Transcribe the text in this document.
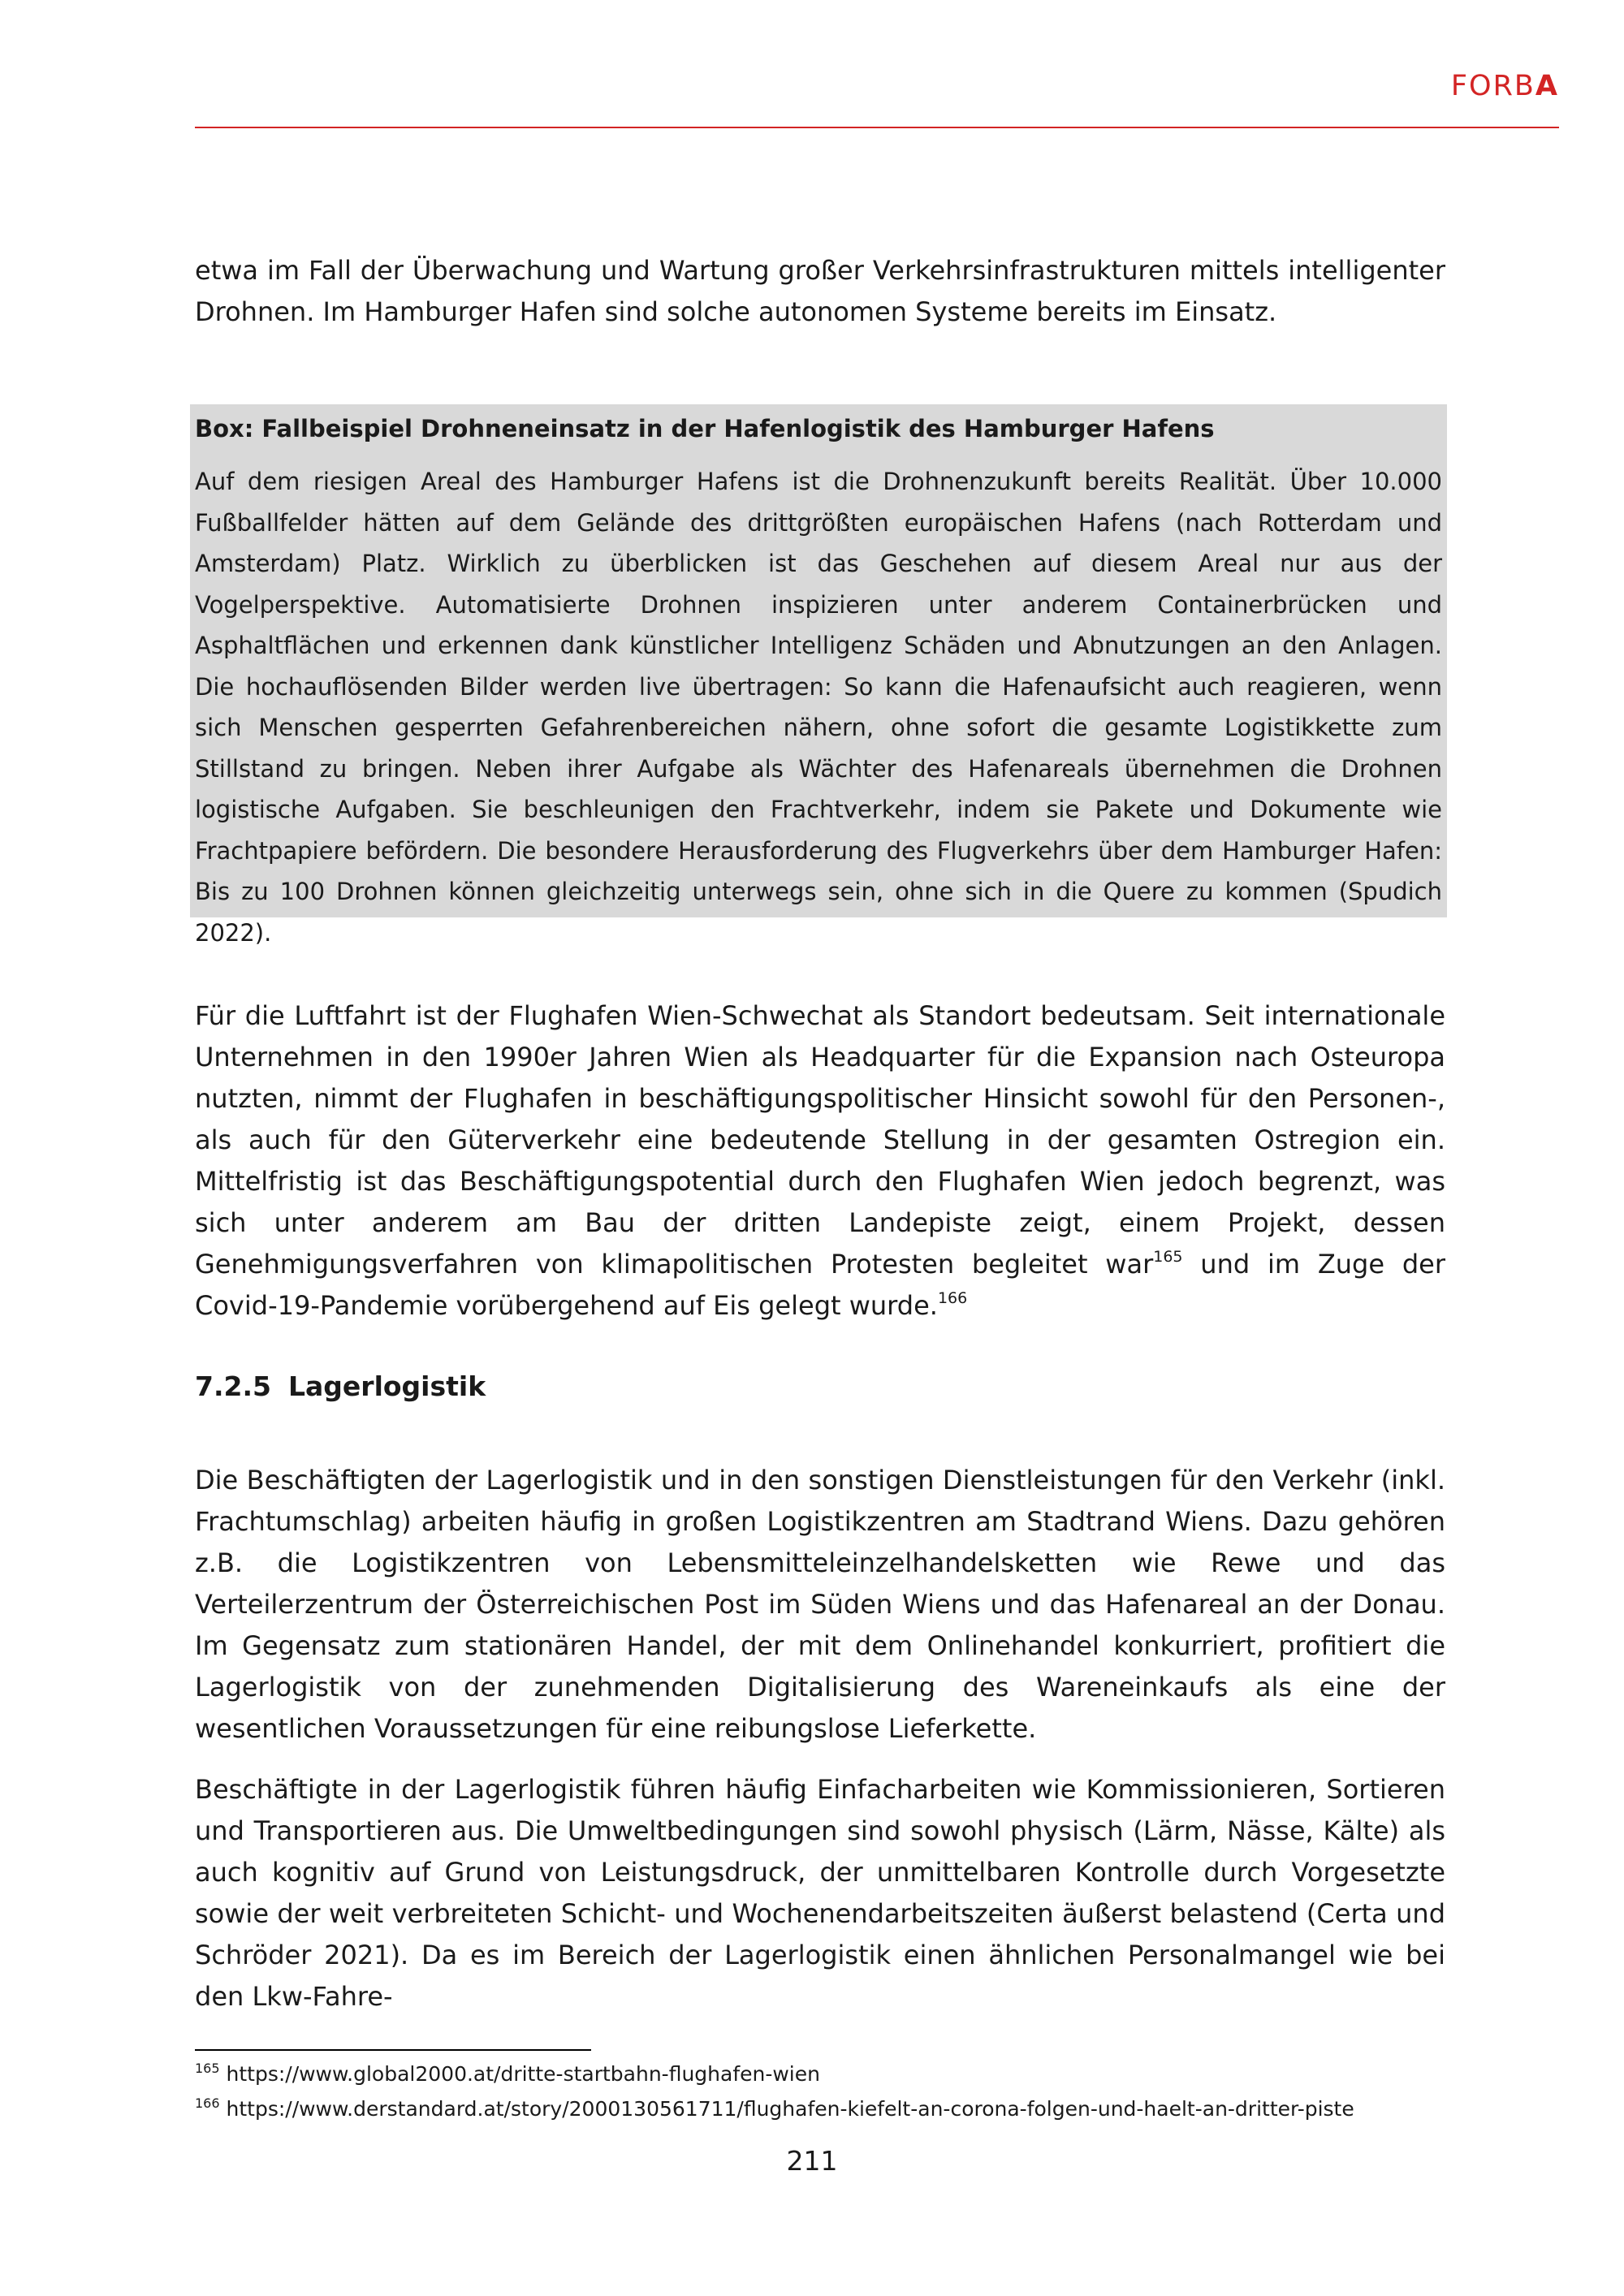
FORBA

etwa im Fall der Überwachung und Wartung großer Verkehrsinfrastrukturen mittels intelligenter Drohnen. Im Hamburger Hafen sind solche autonomen Systeme bereits im Einsatz.

Box: Fallbeispiel Drohneneinsatz in der Hafenlogistik des Hamburger Hafens

Auf dem riesigen Areal des Hamburger Hafens ist die Drohnenzukunft bereits Realität. Über 10.000 Fußballfelder hätten auf dem Gelände des drittgrößten europäischen Hafens (nach Rotterdam und Amsterdam) Platz. Wirklich zu überblicken ist das Geschehen auf diesem Areal nur aus der Vogelperspektive. Automatisierte Drohnen inspizieren unter anderem Containerbrücken und Asphaltflächen und erkennen dank künstlicher Intelligenz Schäden und Abnutzungen an den Anlagen. Die hochauflösenden Bilder werden live übertragen: So kann die Hafenaufsicht auch reagieren, wenn sich Menschen gesperrten Gefahrenbereichen nähern, ohne sofort die gesamte Logistikkette zum Stillstand zu bringen. Neben ihrer Aufgabe als Wächter des Hafenareals übernehmen die Drohnen logistische Aufgaben. Sie beschleunigen den Frachtverkehr, indem sie Pakete und Dokumente wie Frachtpapiere befördern. Die besondere Herausforderung des Flugverkehrs über dem Hamburger Hafen: Bis zu 100 Drohnen können gleichzeitig unterwegs sein, ohne sich in die Quere zu kommen (Spudich 2022).

Für die Luftfahrt ist der Flughafen Wien-Schwechat als Standort bedeutsam. Seit internationale Unternehmen in den 1990er Jahren Wien als Headquarter für die Expansion nach Osteuropa nutzten, nimmt der Flughafen in beschäftigungspolitischer Hinsicht sowohl für den Personen-, als auch für den Güterverkehr eine bedeutende Stellung in der gesamten Ostregion ein. Mittelfristig ist das Beschäftigungspotential durch den Flughafen Wien jedoch begrenzt, was sich unter anderem am Bau der dritten Landepiste zeigt, einem Projekt, dessen Genehmigungsverfahren von klimapolitischen Protesten begleitet war$^{165}$ und im Zuge der Covid-19-Pandemie vorübergehend auf Eis gelegt wurde.$^{166}$

7.2.5 Lagerlogistik

Die Beschäftigten der Lagerlogistik und in den sonstigen Dienstleistungen für den Verkehr (inkl. Frachtumschlag) arbeiten häufig in großen Logistikzentren am Stadtrand Wiens. Dazu gehören z.B. die Logistikzentren von Lebensmitteleinzelhandelsketten wie Rewe und das Verteilerzentrum der Österreichischen Post im Süden Wiens und das Hafenareal an der Donau. Im Gegensatz zum stationären Handel, der mit dem Onlinehandel konkurriert, profitiert die Lagerlogistik von der zunehmenden Digitalisierung des Wareneinkaufs als eine der wesentlichen Voraussetzungen für eine reibungslose Lieferkette.

Beschäftigte in der Lagerlogistik führen häufig Einfacharbeiten wie Kommissionieren, Sortieren und Transportieren aus. Die Umweltbedingungen sind sowohl physisch (Lärm, Nässe, Kälte) als auch kognitiv auf Grund von Leistungsdruck, der unmittelbaren Kontrolle durch Vorgesetzte sowie der weit verbreiteten Schicht- und Wochenendarbeitszeiten äußerst belastend (Certa und Schröder 2021). Da es im Bereich der Lagerlogistik einen ähnlichen Personalmangel wie bei den Lkw-Fahre-

$^{165}$ https://www.global2000.at/dritte-startbahn-flughafen-wien
$^{166}$ https://www.derstandard.at/story/2000130561711/flughafen-kiefelt-an-corona-folgen-und-haelt-an-dritter-piste
211
